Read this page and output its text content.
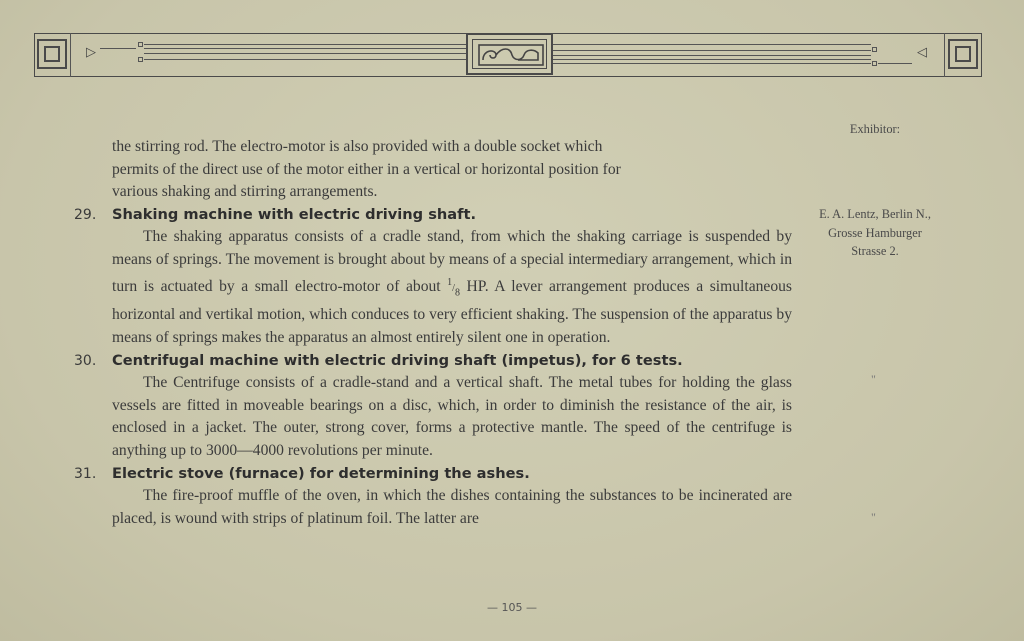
▷	◁

the stirring rod. The electro-motor is also provided with a double socket which
permits of the direct use of the motor either in a vertical or horizontal position for
various shaking and stirring arrangements.

29. Shaking machine with electric driving shaft.

The shaking apparatus consists of a cradle stand, from which the shaking carriage is suspended by means of springs. The movement is brought about by means of a special intermediary arrangement, which in turn is actuated by a small electro-motor of about $^1/_8$ HP. A lever arrangement produces a simultaneous horizontal and vertikal motion, which conduces to very efficient shaking. The suspension of the apparatus by means of springs makes the apparatus an almost entirely silent one in operation.

30. Centrifugal machine with electric driving shaft (impetus), for 6 tests.

The Centrifuge consists of a cradle-stand and a vertical shaft. The metal tubes for holding the glass vessels are fitted in moveable bearings on a disc, which, in order to diminish the resistance of the air, is enclosed in a jacket. The outer, strong cover, forms a protective mantle. The speed of the centrifuge is anything up to 3000—4000 revolutions per minute.

31. Electric stove (furnace) for determining the ashes.

The fire-proof muffle of the oven, in which the dishes containing the substances to be incinerated are placed, is wound with strips of platinum foil. The latter are

Exhibitor:
E. A. Lentz, Berlin N.,
Grosse Hamburger
Strasse 2.
"
"
— 105 —
